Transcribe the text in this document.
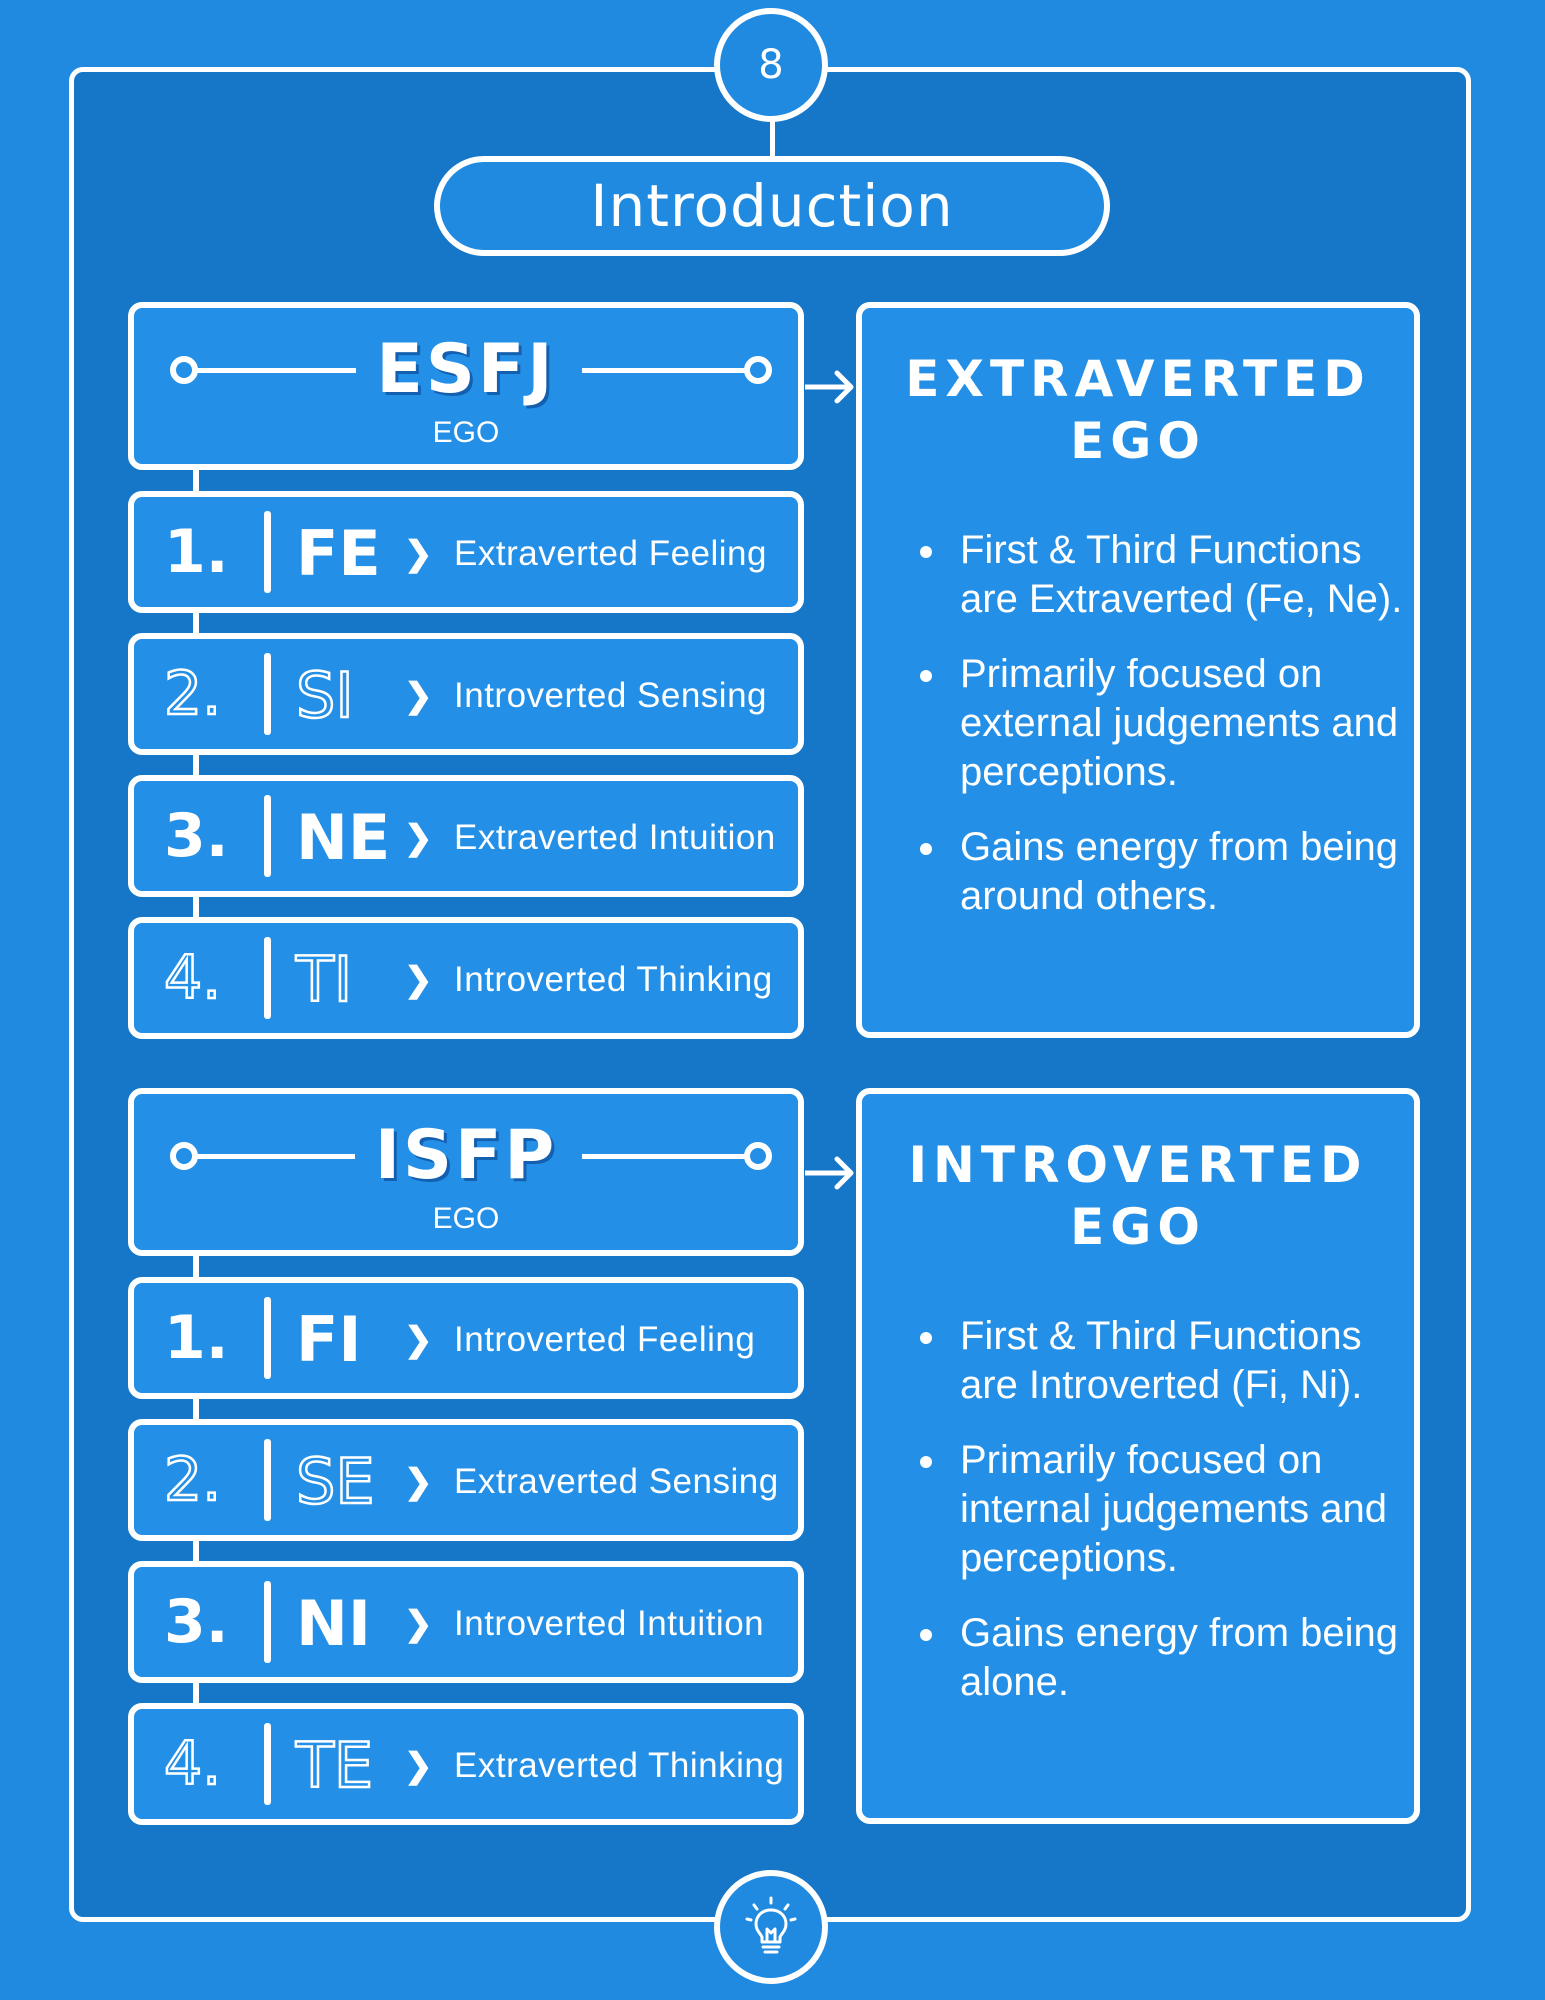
8
Introduction
ESFJ
EGO
1.	FE ❯ Extraverted Feeling
2.	SI	❯ Introverted Sensing
3.	NE ❯ Extraverted Intuition
4.	TI	❯ Introverted Thinking
EXTRAVERTED
EGO
First & Third Functions are Extraverted (Fe, Ne).
Primarily focused on external judgements and perceptions.
Gains energy from being around others.
ISFP
EGO
1.	FI	❯ Introverted Feeling
2.	SE ❯ Extraverted Sensing
3.	NI ❯ Introverted Intuition
4.	TE ❯ Extraverted Thinking
INTROVERTED
EGO
First & Third Functions are Introverted (Fi, Ni).
Primarily focused on internal judgements and perceptions.
Gains energy from being alone.
